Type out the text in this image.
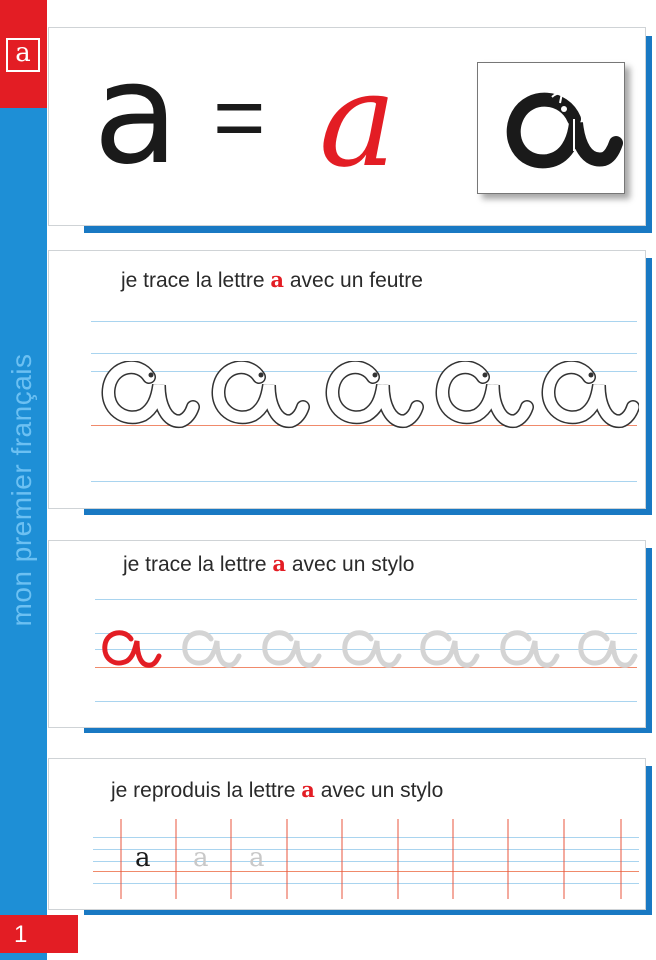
a
mon premier français
1
a = a
je trace la lettre a avec un feutre
je trace la lettre a avec un stylo
je reproduis la lettre a avec un stylo
a a a
